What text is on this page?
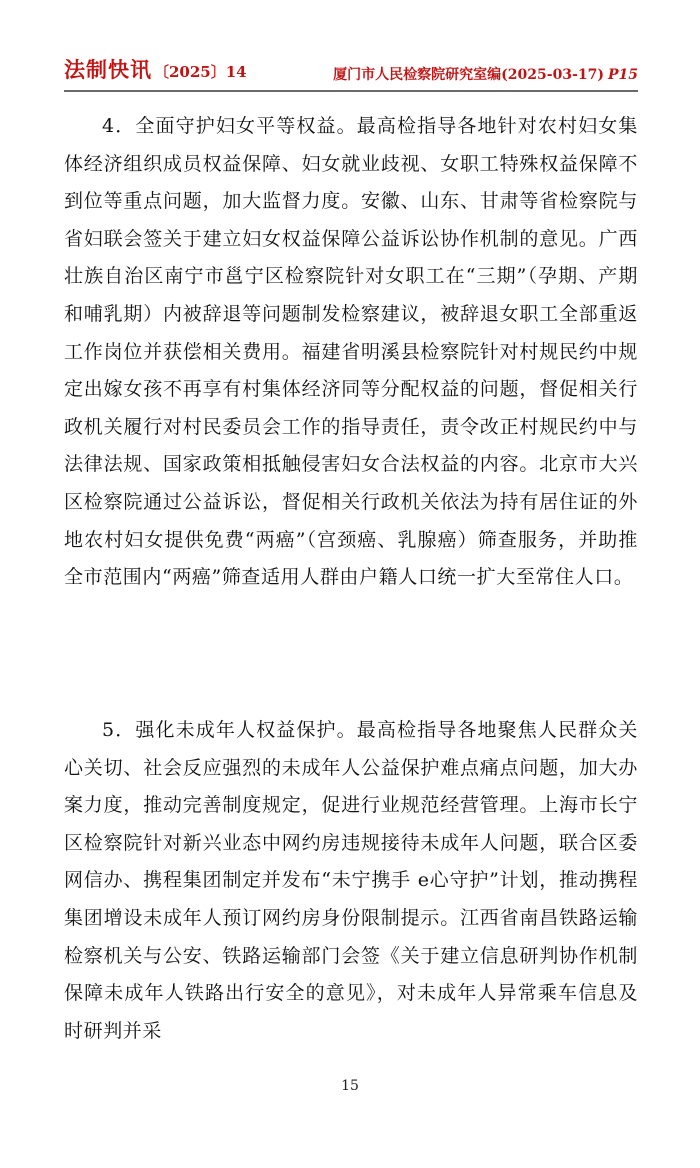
法制快讯 〔2025〕14	厦门市人民检察院研究室编(2025-03-17) P15

4．全面守护妇女平等权益。最高检指导各地针对农村妇女集体经济组织成员权益保障、妇女就业歧视、女职工特殊权益保障不到位等重点问题，加大监督力度。安徽、山东、甘肃等省检察院与省妇联会签关于建立妇女权益保障公益诉讼协作机制的意见。广西壮族自治区南宁市邕宁区检察院针对女职工在“三期”（孕期、产期和哺乳期）内被辞退等问题制发检察建议，被辞退女职工全部重返工作岗位并获偿相关费用。福建省明溪县检察院针对村规民约中规定出嫁女孩不再享有村集体经济同等分配权益的问题，督促相关行政机关履行对村民委员会工作的指导责任，责令改正村规民约中与法律法规、国家政策相抵触侵害妇女合法权益的内容。北京市大兴区检察院通过公益诉讼，督促相关行政机关依法为持有居住证的外地农村妇女提供免费“两癌”（宫颈癌、乳腺癌）筛查服务，并助推全市范围内“两癌”筛查适用人群由户籍人口统一扩大至常住人口。

5．强化未成年人权益保护。最高检指导各地聚焦人民群众关心关切、社会反应强烈的未成年人公益保护难点痛点问题，加大办案力度，推动完善制度规定，促进行业规范经营管理。上海市长宁区检察院针对新兴业态中网约房违规接待未成年人问题，联合区委网信办、携程集团制定并发布“未宁携手 e心守护”计划，推动携程集团增设未成年人预订网约房身份限制提示。江西省南昌铁路运输检察机关与公安、铁路运输部门会签《关于建立信息研判协作机制 保障未成年人铁路出行安全的意见》，对未成年人异常乘车信息及时研判并采

15
